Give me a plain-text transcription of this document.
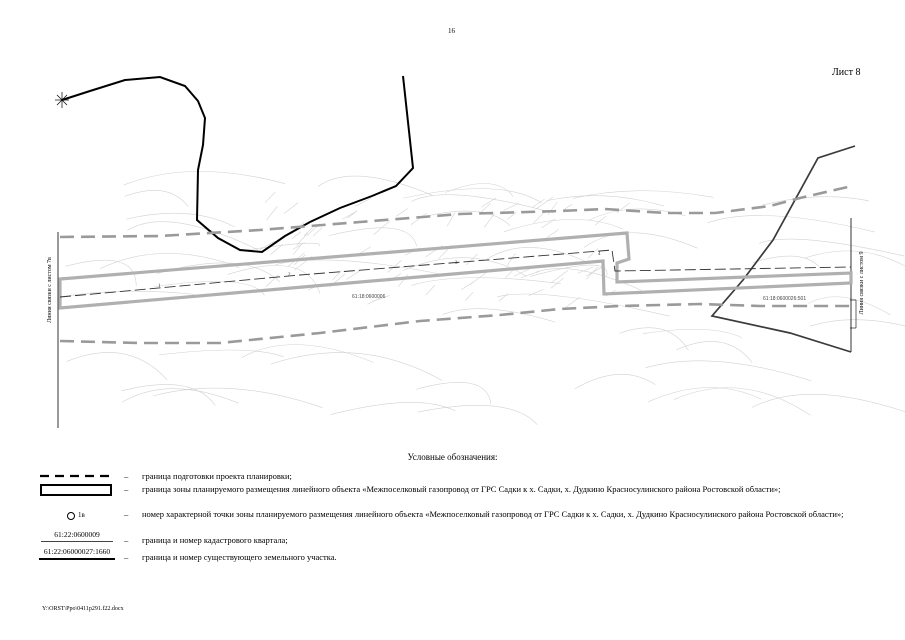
16
Лист 8
1
2
3
4
61:18:0600006	61:18:0600026:501
Линия связки с листом 7в	Линия связки с листом 9
Условные обозначения:
– граница подготовки проекта планировки;
– граница зоны планируемого размещения линейного объекта «Межпоселковый газопровод от ГРС Садки к х. Садки, х. Дудкино Красносулинского района Ростовской области»;
1в	– номер характерной точки зоны планируемого размещения линейного объекта «Межпоселковый газопровод от ГРС Садки к х. Садки, х. Дудкино Красносулинского района Ростовской области»;
61:22:0600009
– граница и номер кадастрового квартала;
61:22:06000027:1660
– граница и номер существующего земельного участка.
Y:\ORST\Ppo\0411p291.f22.docx
